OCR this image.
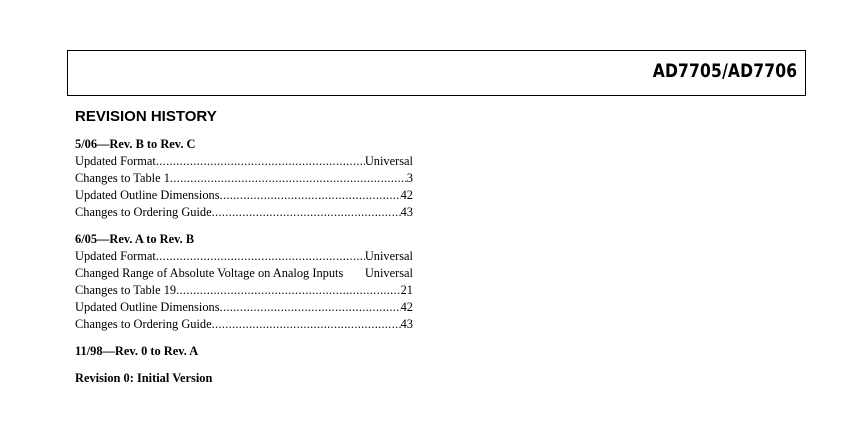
AD7705/AD7706
REVISION HISTORY
5/06—Rev. B to Rev. C
Updated Format .....	Universal
Changes to Table 1 .....	3
Updated Outline Dimensions .....	42
Changes to Ordering Guide .....	43
6/05—Rev. A to Rev. B
Updated Format .....	Universal
Changed Range of Absolute Voltage on Analog Inputs Universal
Changes to Table 19 .....	21
Updated Outline Dimensions .....	42
Changes to Ordering Guide .....	43
11/98—Rev. 0 to Rev. A
Revision 0: Initial Version
